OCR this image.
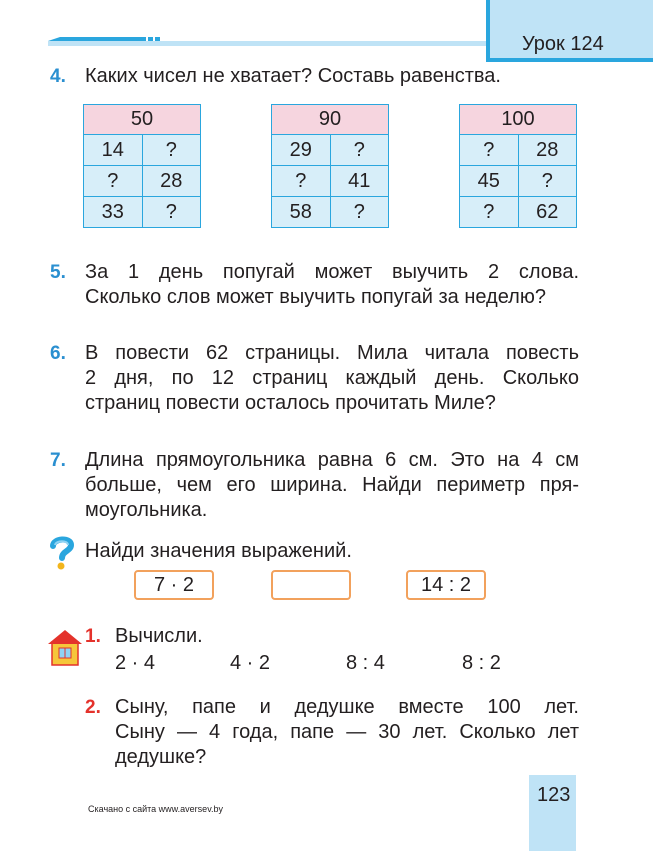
Урок 124
4. Каких чисел не хватает? Составь равенства.
50	
14	?
?	28
33	?
90	
29	?
?	41
58	?
100	
?	28
45	?
?	62
5. За 1 день попугай может выучить 2 слова.
Сколько слов может выучить попугай за неделю?
6. В повести 62 страницы. Мила читала повесть
2 дня, по 12 страниц каждый день. Сколько
страниц повести осталось прочитать Миле?
7. Длина прямоугольника равна 6 см. Это на 4 см
больше, чем его ширина. Найди периметр пря-
моугольника.
Найди значения выражений.
7 · 2	14 : 2
1. Вычисли.
2 · 4	4 · 2	8 : 4	8 : 2
2. Сыну, папе и дедушке вместе 100 лет.
Сыну — 4 года, папе — 30 лет. Сколько лет
дедушке?
Скачано с сайта www.aversev.by
123
